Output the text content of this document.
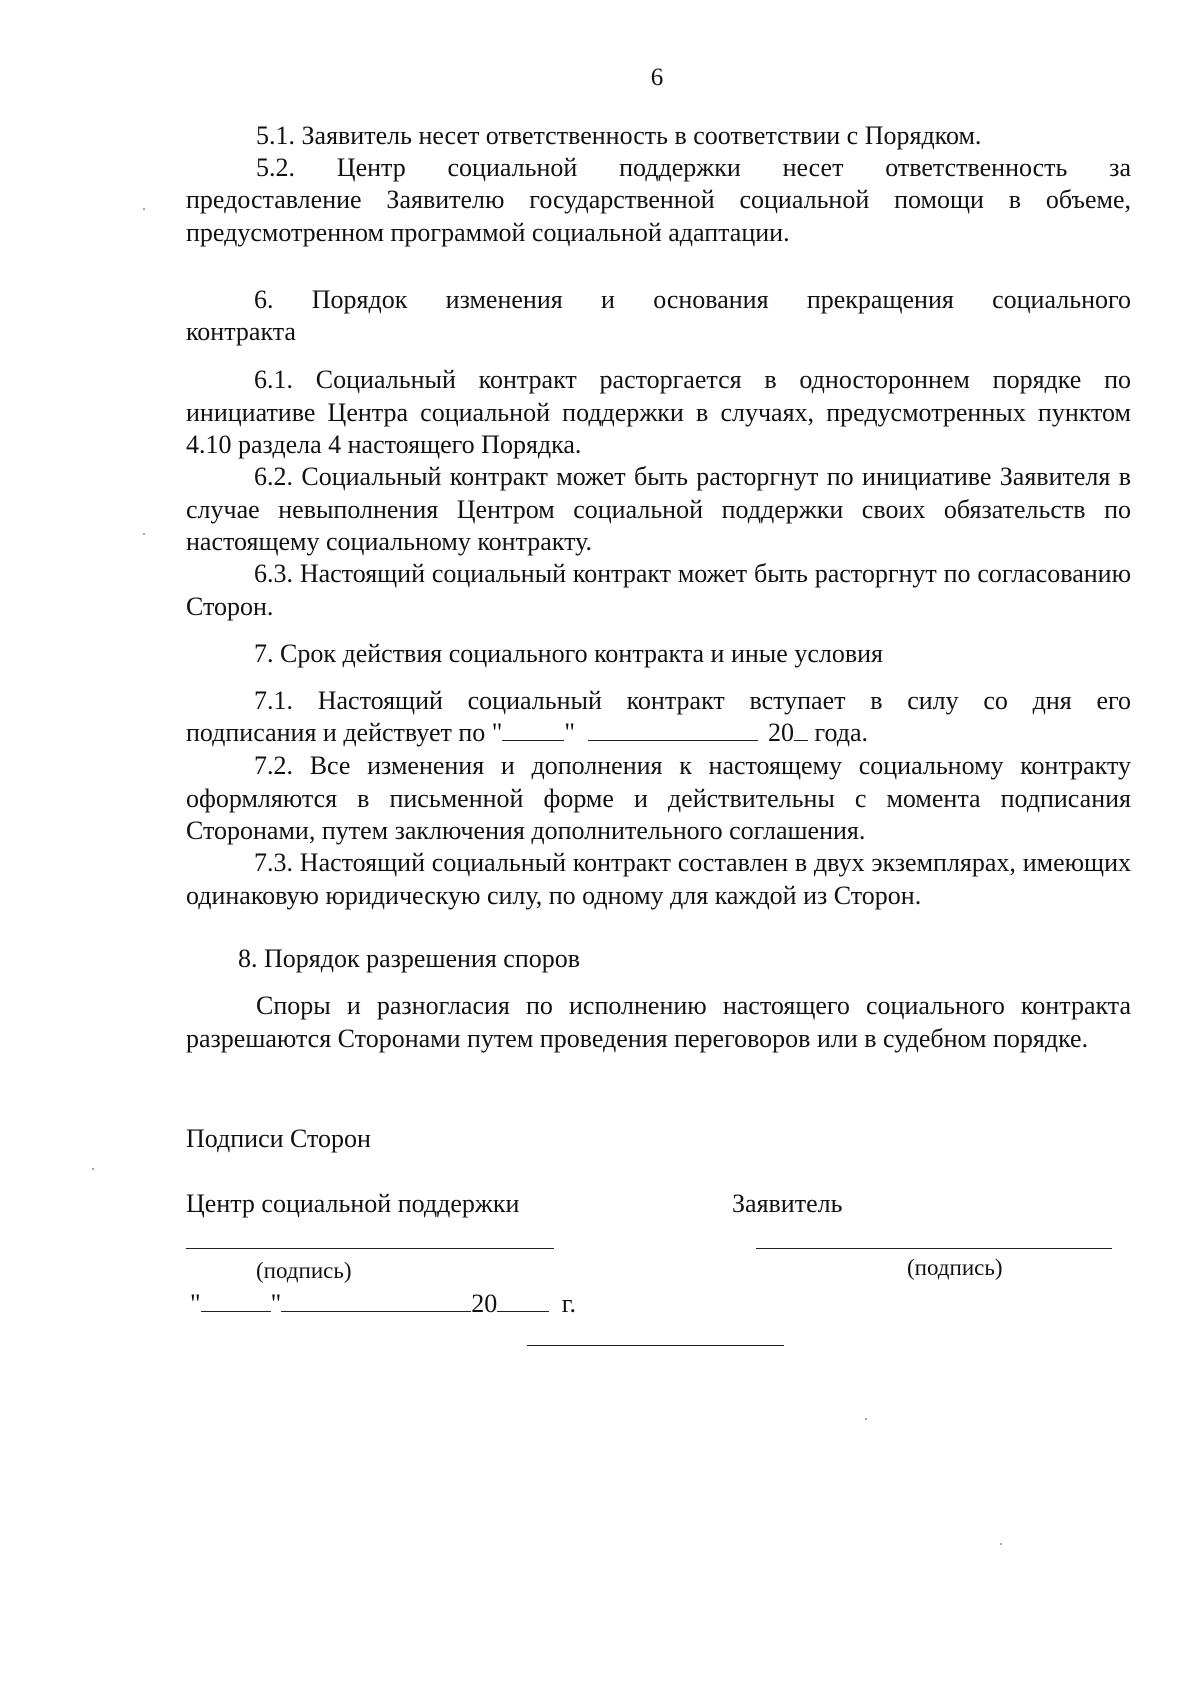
6
5.1. Заявитель несет ответственность в соответствии с Порядком.
5.2. Центр социальной поддержки несет ответственность за
предоставление Заявителю государственной социальной помощи в объеме, предусмотренном программой социальной адаптации.
6. Порядок изменения и основания прекращения социального
контракта
6.1. Социальный контракт расторгается в одностороннем порядке по инициативе Центра социальной поддержки в случаях, предусмотренных пунктом 4.10 раздела 4 настоящего Порядка.
6.2. Социальный контракт может быть расторгнут по инициативе Заявителя в случае невыполнения Центром социальной поддержки своих обязательств по настоящему социальному контракту.
6.3. Настоящий социальный контракт может быть расторгнут по согласованию Сторон.
7. Срок действия социального контракта и иные условия
7.1. Настоящий социальный контракт вступает в силу со дня его
подписания и действует по " "	20 года.
7.2. Все изменения и дополнения к настоящему социальному контракту оформляются в письменной форме и действительны с момента подписания Сторонами, путем заключения дополнительного соглашения.
7.3. Настоящий социальный контракт составлен в двух экземплярах, имеющих одинаковую юридическую силу, по одному для каждой из Сторон.
8. Порядок разрешения споров
Споры и разногласия по исполнению настоящего социального контракта разрешаются Сторонами путем проведения переговоров или в судебном порядке.
Подписи Сторон
Центр социальной поддержки	Заявитель
(подпись)	(подпись)
"	"	20 г.
